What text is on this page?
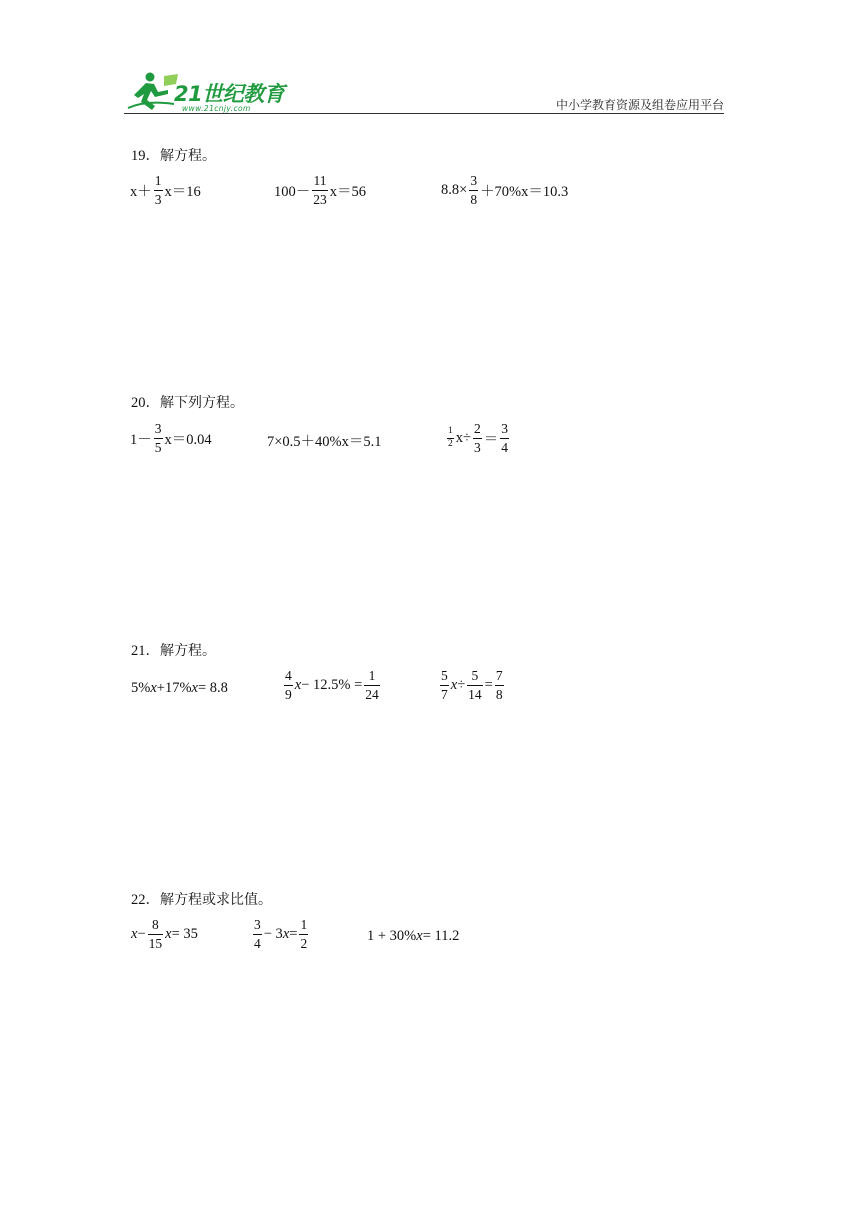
21世纪教育
www.21cnjy.com	中小学教育资源及组卷应用平台
19．解方程。
$x+ \frac{1}{3} x=16$	$100- \frac{11}{23} x=56$	$8.8\times \frac{3}{8} +70\%x=10.3$
20．解下列方程。
$1- \frac{3}{5} x=0.04$	7×0.5＋40%x＝5.1	$\frac{1}{2} x\div \frac{2}{3} = \frac{3}{4}$
21．解方程。
5% x +17% x = 8.8	$\frac{4}{9}$ $x - 12.5\% = \frac{1}{24}$	$\frac{5}{7}$ $x \div \frac{5}{14} = \frac{7}{8}$
22．解方程或求比值。
$x - \frac{8}{15}$ x = 35	$\frac{3}{4} - 3$ $x = \frac{1}{2}$	1 + 30% x = 11.2
